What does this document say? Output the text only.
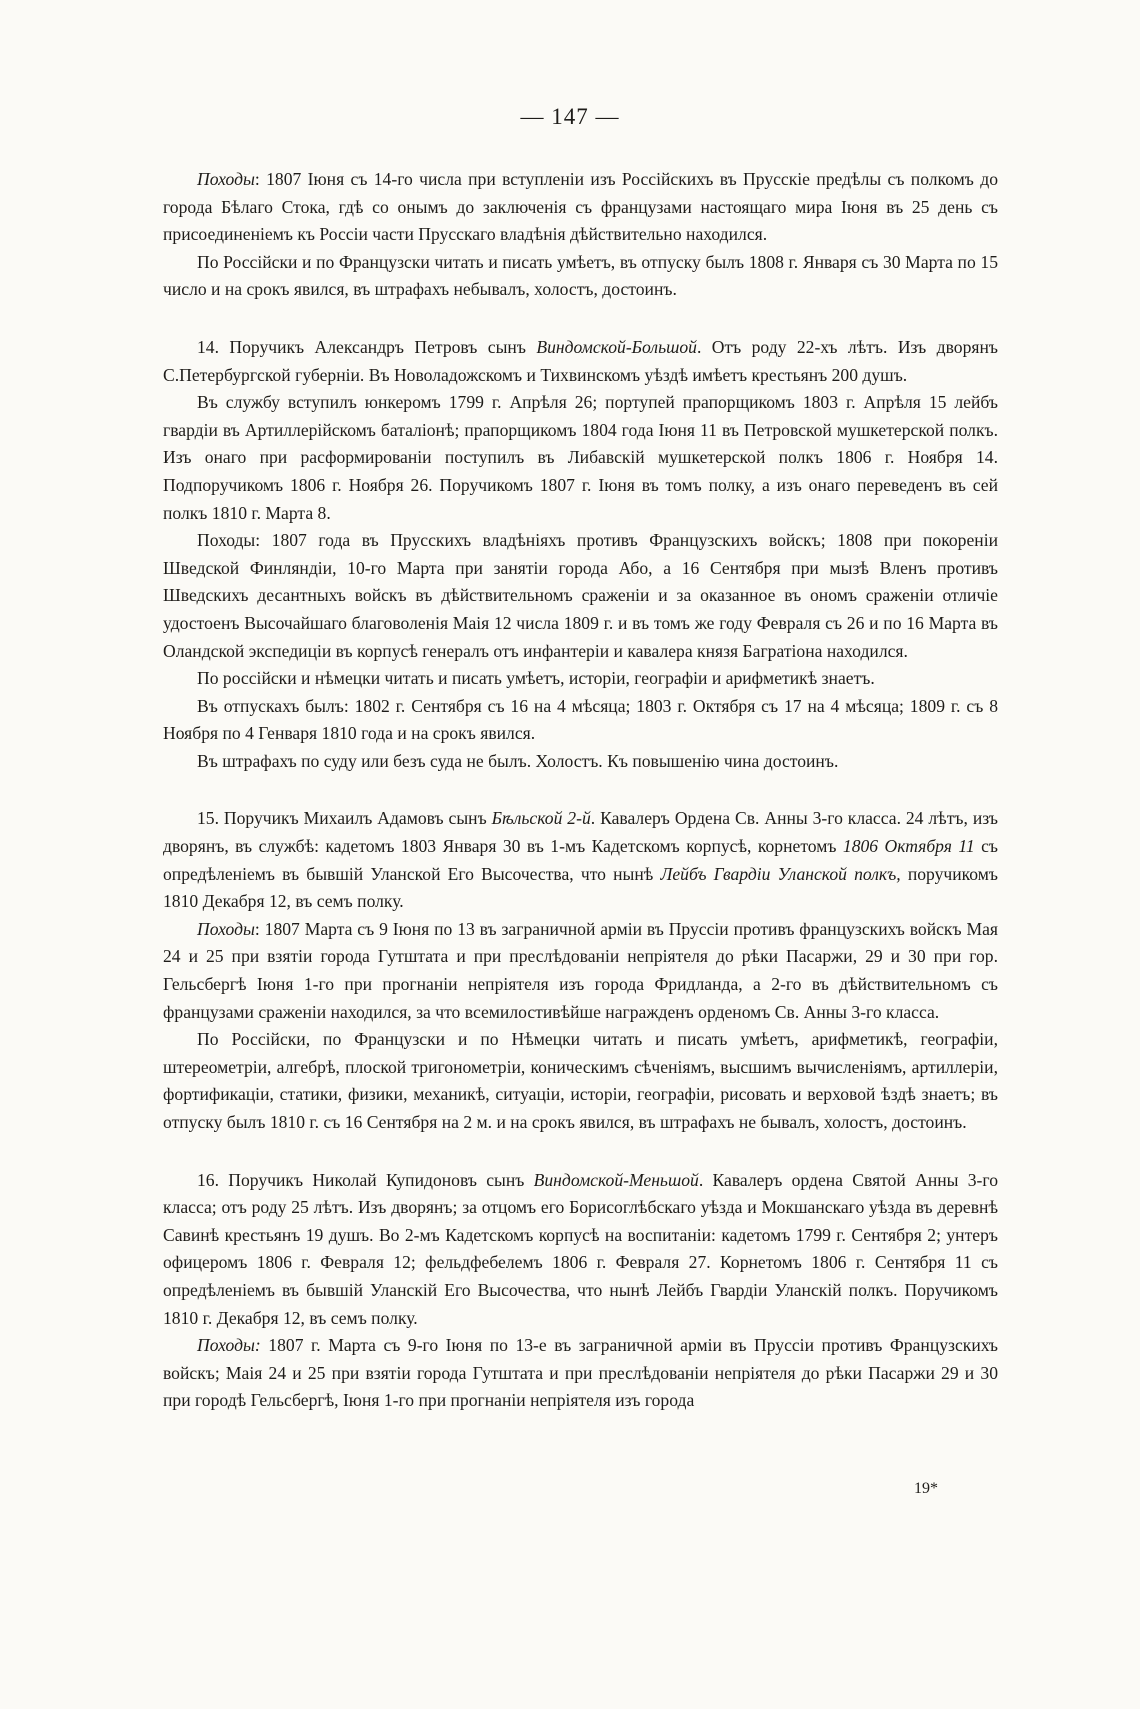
— 147 —

Походы: 1807 Іюня съ 14-го числа при вступленіи изъ Россійскихъ въ Прусскіе предѣлы съ полкомъ до города Бѣлаго Стока, гдѣ со онымъ до заключенія съ французами настоящаго мира Іюня въ 25 день съ присоединеніемъ къ Россіи части Прусскаго владѣнія дѣйствительно находился.

По Россійски и по Французски читать и писать умѣетъ, въ отпуску былъ 1808 г. Января съ 30 Марта по 15 число и на срокъ явился, въ штрафахъ небывалъ, холостъ, достоинъ.

14. Поручикъ Александръ Петровъ сынъ Виндомской-Большой. Отъ роду 22-хъ лѣтъ. Изъ дворянъ С.Петербургской губерніи. Въ Новоладожскомъ и Тихвинскомъ уѣздѣ имѣетъ крестьянъ 200 душъ.

Въ службу вступилъ юнкеромъ 1799 г. Апрѣля 26; портупей прапорщикомъ 1803 г. Апрѣля 15 лейбъ гвардіи въ Артиллерійскомъ баталіонѣ; прапорщикомъ 1804 года Іюня 11 въ Петровской мушкетерской полкъ. Изъ онаго при расформированіи поступилъ въ Либавскій мушкетерской полкъ 1806 г. Ноября 14. Подпоручикомъ 1806 г. Ноября 26. Поручикомъ 1807 г. Іюня въ томъ полку, а изъ онаго переведенъ въ сей полкъ 1810 г. Марта 8.

Походы: 1807 года въ Прусскихъ владѣніяхъ противъ Французскихъ войскъ; 1808 при покореніи Шведской Финляндіи, 10-го Марта при занятіи города Або, а 16 Сентября при мызѣ Вленъ противъ Шведскихъ десантныхъ войскъ въ дѣйствительномъ сраженіи и за оказанное въ ономъ сраженіи отличіе удостоенъ Высочайшаго благоволенія Маія 12 числа 1809 г. и въ томъ же году Февраля съ 26 и по 16 Марта въ Оландской экспедиціи въ корпусѣ генералъ отъ инфантеріи и кавалера князя Багратіона находился.

По россійски и нѣмецки читать и писать умѣетъ, исторіи, географіи и арифметикѣ знаетъ.

Въ отпускахъ былъ: 1802 г. Сентября съ 16 на 4 мѣсяца; 1803 г. Октября съ 17 на 4 мѣсяца; 1809 г. съ 8 Ноября по 4 Генваря 1810 года и на срокъ явился.

Въ штрафахъ по суду или безъ суда не былъ. Холостъ. Къ повышенію чина достоинъ.

15. Поручикъ Михаилъ Адамовъ сынъ Бѣльской 2-й. Кавалеръ Ордена Св. Анны 3-го класса. 24 лѣтъ, изъ дворянъ, въ службѣ: кадетомъ 1803 Января 30 въ 1-мъ Кадетскомъ корпусѣ, корнетомъ 1806 Октября 11 съ опредѣленіемъ въ бывшій Уланской Его Высочества, что нынѣ Лейбъ Гвардіи Уланской полкъ, поручикомъ 1810 Декабря 12, въ семъ полку.

Походы: 1807 Марта съ 9 Іюня по 13 въ заграничной арміи въ Пруссіи противъ французскихъ войскъ Мая 24 и 25 при взятіи города Гутштата и при преслѣдованіи непріятеля до рѣки Пасаржи, 29 и 30 при гор. Гельсбергѣ Іюня 1-го при прогнаніи непріятеля изъ города Фридланда, а 2-го въ дѣйствительномъ съ французами сраженіи находился, за что всемилостивѣйше награжденъ орденомъ Св. Анны 3-го класса.

По Россійски, по Французски и по Нѣмецки читать и писать умѣетъ, арифметикѣ, географіи, штереометріи, алгебрѣ, плоской тригонометріи, коническимъ сѣченіямъ, высшимъ вычисленіямъ, артиллеріи, фортификаціи, статики, физики, механикѣ, ситуаціи, исторіи, географіи, рисовать и верховой ѣздѣ знаетъ; въ отпуску былъ 1810 г. съ 16 Сентября на 2 м. и на срокъ явился, въ штрафахъ не бывалъ, холостъ, достоинъ.

16. Поручикъ Николай Купидоновъ сынъ Виндомской-Меньшой. Кавалеръ ордена Святой Анны 3-го класса; отъ роду 25 лѣтъ. Изъ дворянъ; за отцомъ его Борисоглѣбскаго уѣзда и Мокшанскаго уѣзда въ деревнѣ Савинѣ крестьянъ 19 душъ. Во 2-мъ Кадетскомъ корпусѣ на воспитаніи: кадетомъ 1799 г. Сентября 2; унтеръ офицеромъ 1806 г. Февраля 12; фельдфебелемъ 1806 г. Февраля 27. Корнетомъ 1806 г. Сентября 11 съ опредѣленіемъ въ бывшій Уланскій Его Высочества, что нынѣ Лейбъ Гвардіи Уланскій полкъ. Поручикомъ 1810 г. Декабря 12, въ семъ полку.

Походы: 1807 г. Марта съ 9-го Іюня по 13-е въ заграничной арміи въ Пруссіи противъ Французскихъ войскъ; Маія 24 и 25 при взятіи города Гутштата и при преслѣдованіи непріятеля до рѣки Пасаржи 29 и 30 при городѣ Гельсбергѣ, Іюня 1-го при прогнаніи непріятеля изъ города

19*
